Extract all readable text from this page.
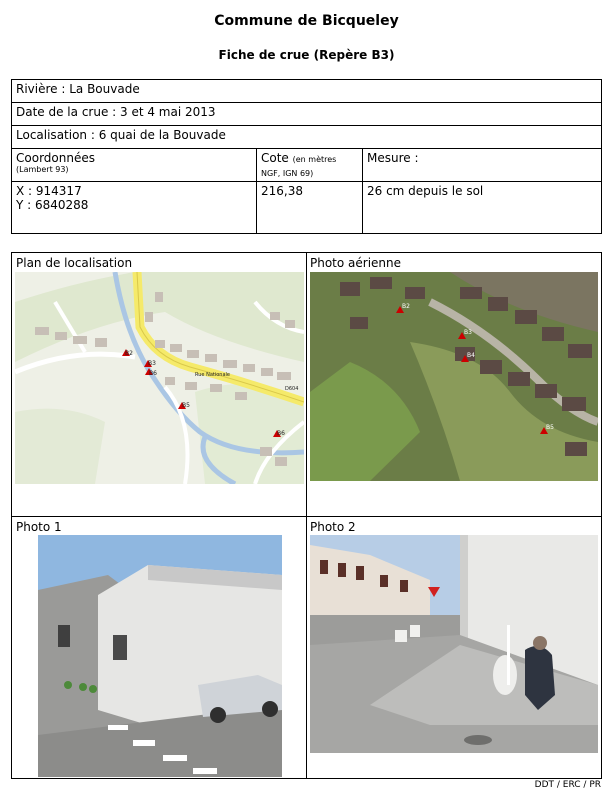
Commune de Bicqueley
Fiche de crue (Repère B3)
Rivière : La Bouvade		
Date de la crue : 3 et 4 mai 2013		
Localisation : 6 quai de la Bouvade		

Coordonnées
(Lambert 93)	Cote (en mètres NGF, IGN 69)	Mesure :

X : 914317
Y : 6840288	216,38	26 cm depuis le sol
Plan de localisation
B2
B3
B6
B5
B6
Rue Nationale
D604
Photo aérienne
B2
B3
B4
B5
Photo 1	Photo 2
DDT / ERC / PR
